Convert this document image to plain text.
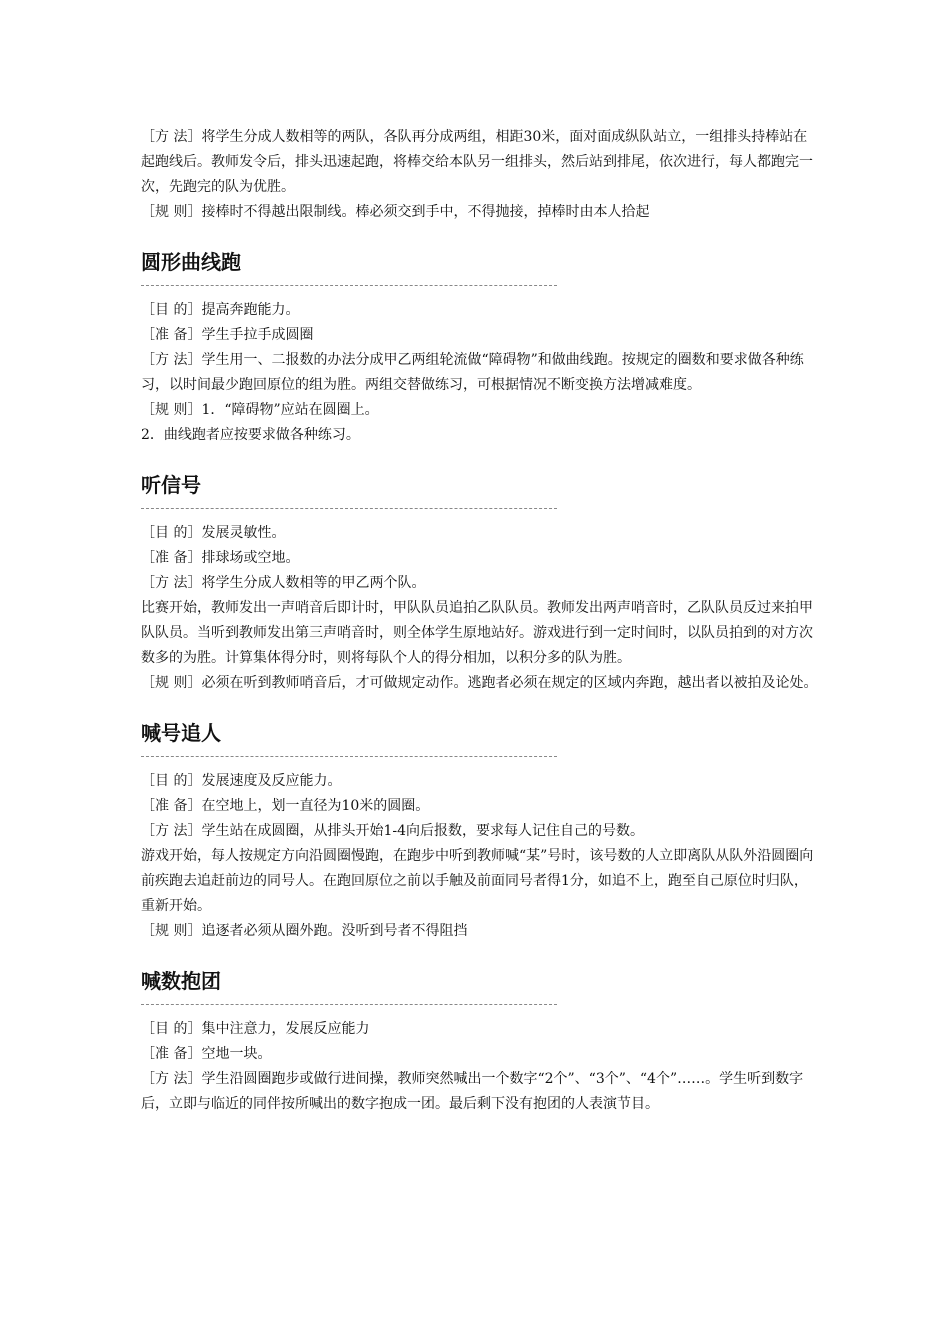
［方 法］将学生分成人数相等的两队，各队再分成两组，相距30米，面对面成纵队站立，一组排头持棒站在起跑线后。教师发令后，排头迅速起跑，将棒交给本队另一组排头，然后站到排尾，依次进行，每人都跑完一次，先跑完的队为优胜。

［规 则］接棒时不得越出限制线。棒必须交到手中，不得抛接，掉棒时由本人拾起

圆形曲线跑

［目 的］提高奔跑能力。

［准 备］学生手拉手成圆圈

［方 法］学生用一、二报数的办法分成甲乙两组轮流做“障碍物”和做曲线跑。按规定的圈数和要求做各种练习，以时间最少跑回原位的组为胜。两组交替做练习，可根据情况不断变换方法增减难度。

［规 则］1．“障碍物”应站在圆圈上。

2．曲线跑者应按要求做各种练习。

听信号

［目 的］发展灵敏性。

［准 备］排球场或空地。

［方 法］将学生分成人数相等的甲乙两个队。

比赛开始，教师发出一声哨音后即计时，甲队队员追拍乙队队员。教师发出两声哨音时，乙队队员反过来拍甲队队员。当听到教师发出第三声哨音时，则全体学生原地站好。游戏进行到一定时间时，以队员拍到的对方次数多的为胜。计算集体得分时，则将每队个人的得分相加，以积分多的队为胜。

［规 则］必须在听到教师哨音后，才可做规定动作。逃跑者必须在规定的区域内奔跑，越出者以被拍及论处。

喊号追人

［目 的］发展速度及反应能力。

［准 备］在空地上，划一直径为10米的圆圈。

［方 法］学生站在成圆圈，从排头开始1-4向后报数，要求每人记住自己的号数。

游戏开始，每人按规定方向沿圆圈慢跑，在跑步中听到教师喊“某”号时，该号数的人立即离队从队外沿圆圈向前疾跑去追赶前边的同号人。在跑回原位之前以手触及前面同号者得1分，如追不上，跑至自己原位时归队，重新开始。

［规 则］追逐者必须从圈外跑。没听到号者不得阻挡

喊数抱团

［目 的］集中注意力，发展反应能力

［准 备］空地一块。

［方 法］学生沿圆圈跑步或做行进间操，教师突然喊出一个数字“2个”、“3个”、“4个”……。学生听到数字后，立即与临近的同伴按所喊出的数字抱成一团。最后剩下没有抱团的人表演节目。
